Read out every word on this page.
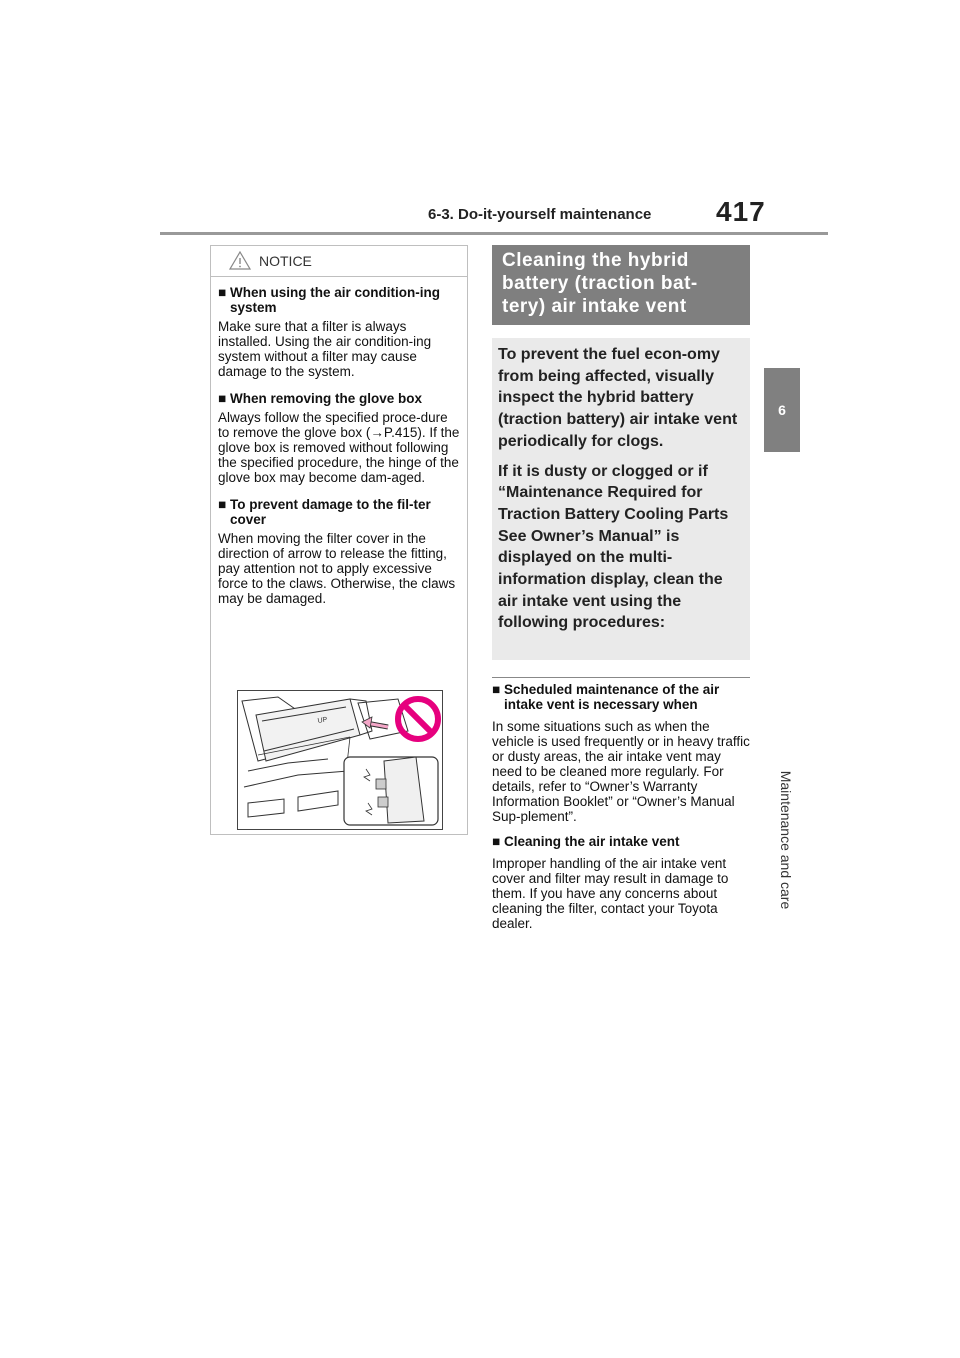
6-3. Do-it-yourself maintenance 417
6
Maintenance and care
NOTICE
■ When using the air condition-ing system
Make sure that a filter is always installed. Using the air condition-ing system without a filter may cause damage to the system.
■ When removing the glove box
Always follow the specified proce-dure to remove the glove box (→P.415). If the glove box is removed without following the specified procedure, the hinge of the glove box may become dam-aged.
■ To prevent damage to the fil-ter cover
When moving the filter cover in the direction of arrow to release the fitting, pay attention not to apply excessive force to the claws. Otherwise, the claws may be damaged.
UP
Cleaning the hybrid battery (traction bat-tery) air intake vent

To prevent the fuel econ-omy from being affected, visually inspect the hybrid battery (traction battery) air intake vent periodically for clogs.

If it is dusty or clogged or if “Maintenance Required for Traction Battery Cooling Parts See Owner’s Manual” is displayed on the multi-information display, clean the air intake vent using the following procedures:

■ Scheduled maintenance of the air intake vent is necessary when
In some situations such as when the vehicle is used frequently or in heavy traffic or dusty areas, the air intake vent may need to be cleaned more regularly. For details, refer to “Owner’s Warranty Information Booklet” or “Owner’s Manual Sup-plement”.
■ Cleaning the air intake vent
Improper handling of the air intake vent cover and filter may result in damage to them. If you have any concerns about cleaning the filter, contact your Toyota dealer.
